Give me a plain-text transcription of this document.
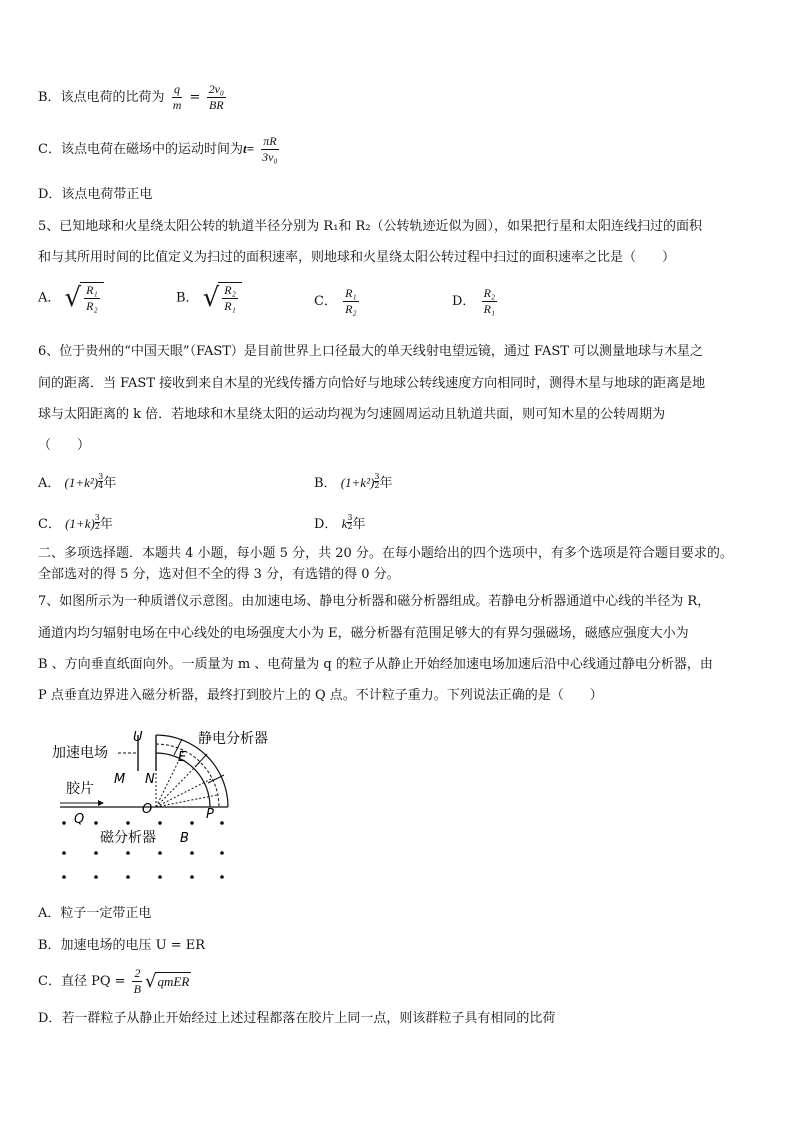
B．该点电荷的比荷为 $\frac{q}{m} = \frac{\text{2v₀}}{BR}$
C．该点电荷在磁场中的运动时间为$t= \frac{\pi R}{\text{3v₀}}$
D．该点电荷带正电
5、已知地球和火星绕太阳公转的轨道半径分别为 R₁和 R₂（公转轨迹近似为圆），如果把行星和太阳连线扫过的面积
和与其所用时间的比值定义为扫过的面积速率，则地球和火星绕太阳公转过程中扫过的面积速率之比是（　　）
A． √ $\frac{\text{R₁}}{\text{R₂}}$	B． √ $\frac{\text{R₂}}{\text{R₁}}$	C． $\frac{\text{R₁}}{\text{R₂}}$	D． $\frac{\text{R₂}}{\text{R₁}}$
6、位于贵州的“中国天眼”（FAST）是目前世界上口径最大的单天线射电望远镜，通过 FAST 可以测量地球与木星之
间的距离．当 FAST 接收到来自木星的光线传播方向恰好与地球公转线速度方向相同时，测得木星与地球的距离是地
球与太阳距离的 k 倍．若地球和木星绕太阳的运动均视为匀速圆周运动且轨道共面，则可知木星的公转周期为
（　　）
A． $(1+k^2) \frac{3}{4}$ 年	B． $(1+k^2) \frac{3}{2}$ 年
C． $(1+k) \frac{3}{2}$ 年	D． k $\frac{3}{2}$ 年
二、多项选择题．本题共 4 小题，每小题 5 分，共 20 分。在每小题给出的四个选项中，有多个选项是符合题目要求的。
全部选对的得 5 分，选对但不全的得 3 分，有选错的得 0 分。
7、如图所示为一种质谱仪示意图。由加速电场、静电分析器和磁分析器组成。若静电分析器通道中心线的半径为 R，
通道内均匀辐射电场在中心线处的电场强度大小为 E，磁分析器有范围足够大的有界匀强磁场，磁感应强度大小为
B 、方向垂直纸面向外。一质量为 m 、电荷量为 q 的粒子从静止开始经加速电场加速后沿中心线通过静电分析器，由
P 点垂直边界进入磁分析器，最终打到胶片上的 Q 点。不计粒子重力。下列说法正确的是（　　）
加速电场
U
M N
静电分析器
E
O	P
胶片
Q
磁分析器 B
A．粒子一定带正电
B．加速电场的电压 U = ER
C．直径 PQ = $\frac{2}{B}$ √ qmER
D．若一群粒子从静止开始经过上述过程都落在胶片上同一点，则该群粒子具有相同的比荷
